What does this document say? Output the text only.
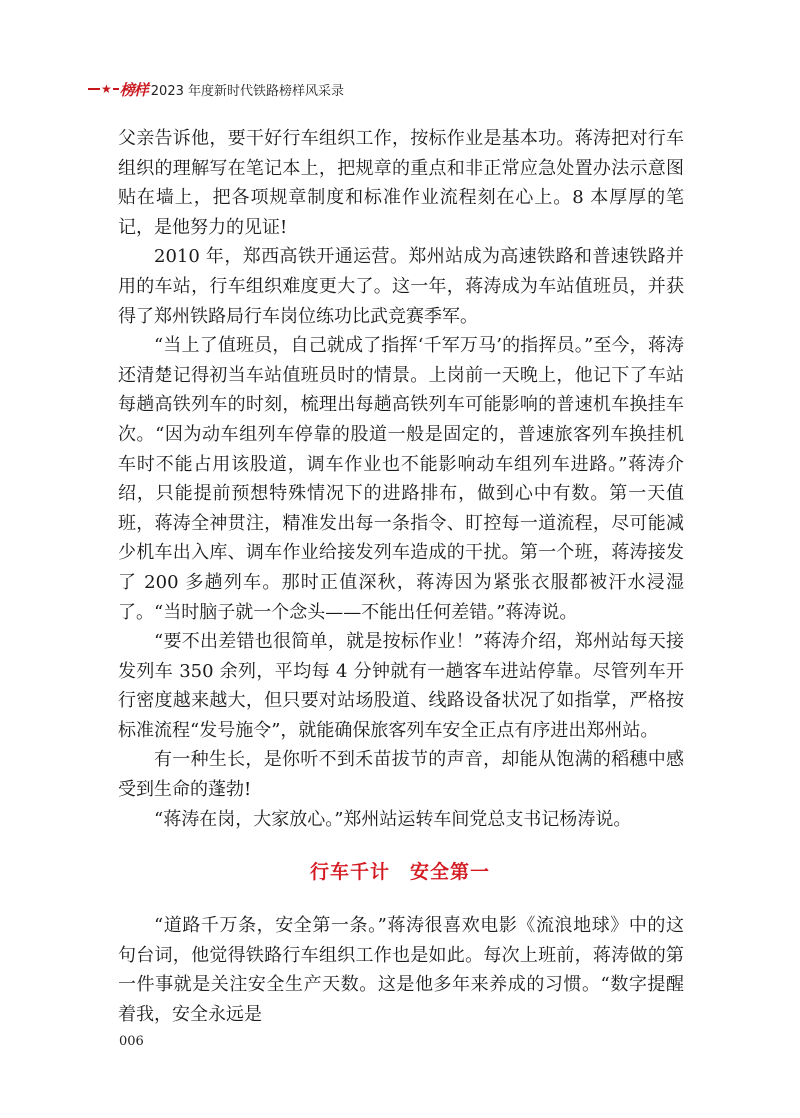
★ 榜样 2023 年度新时代铁路榜样风采录

父亲告诉他，要干好行车组织工作，按标作业是基本功。蒋涛把对行车组织的理解写在笔记本上，把规章的重点和非正常应急处置办法示意图贴在墙上，把各项规章制度和标准作业流程刻在心上。8 本厚厚的笔记，是他努力的见证!

2010 年，郑西高铁开通运营。郑州站成为高速铁路和普速铁路并用的车站，行车组织难度更大了。这一年，蒋涛成为车站值班员，并获得了郑州铁路局行车岗位练功比武竞赛季军。

“当上了值班员，自己就成了指挥‘千军万马’的指挥员。”至今，蒋涛还清楚记得初当车站值班员时的情景。上岗前一天晚上，他记下了车站每趟高铁列车的时刻，梳理出每趟高铁列车可能影响的普速机车换挂车次。“因为动车组列车停靠的股道一般是固定的，普速旅客列车换挂机车时不能占用该股道，调车作业也不能影响动车组列车进路。”蒋涛介绍，只能提前预想特殊情况下的进路排布，做到心中有数。第一天值班，蒋涛全神贯注，精准发出每一条指令、盯控每一道流程，尽可能减少机车出入库、调车作业给接发列车造成的干扰。第一个班，蒋涛接发了 200 多趟列车。那时正值深秋，蒋涛因为紧张衣服都被汗水浸湿了。“当时脑子就一个念头——不能出任何差错。”蒋涛说。

“要不出差错也很简单，就是按标作业！”蒋涛介绍，郑州站每天接发列车 350 余列，平均每 4 分钟就有一趟客车进站停靠。尽管列车开行密度越来越大，但只要对站场股道、线路设备状况了如指掌，严格按标准流程“发号施令”，就能确保旅客列车安全正点有序进出郑州站。

有一种生长，是你听不到禾苗拔节的声音，却能从饱满的稻穗中感受到生命的蓬勃!

“蒋涛在岗，大家放心。”郑州站运转车间党总支书记杨涛说。

行车千计　安全第一

“道路千万条，安全第一条。”蒋涛很喜欢电影《流浪地球》中的这句台词，他觉得铁路行车组织工作也是如此。每次上班前，蒋涛做的第一件事就是关注安全生产天数。这是他多年来养成的习惯。“数字提醒着我，安全永远是

006
